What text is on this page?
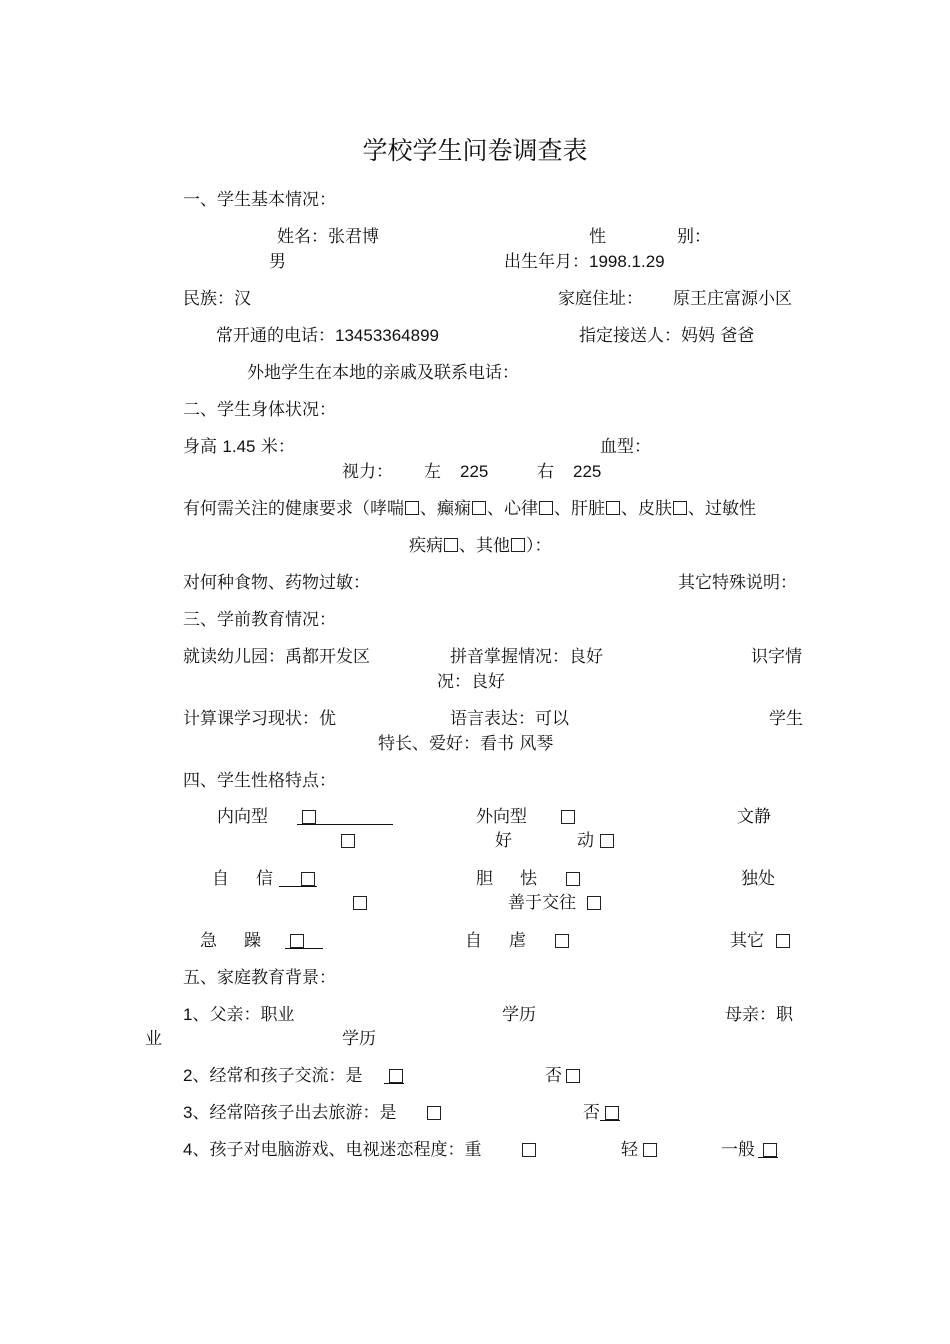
学校学生问卷调查表
一、学生基本情况：
姓名：张君博	性	别：
男	出生年月：1998.1.29
民族：汉	家庭住址： 原王庄富源小区
常开通的电话：13453364899	指定接送人：妈妈 爸爸
外地学生在本地的亲戚及联系电话：
二、学生身体状况：
身高 1.45 米：	血型：
视力： 左 225	右 225
有何需关注的健康要求（哮喘 、癫痫 、心律 、肝脏 、皮肤 、过敏性
疾病 、其他 ）：
对何种食物、药物过敏：	其它特殊说明：
三、学前教育情况：
就读幼儿园：禹都开发区	拼音掌握情况：良好	识字情
况：良好
计算课学习现状：优	语言表达：可以	学生
特长、爱好：看书 风琴
四、学生性格特点：
内向型	外向型	文静
好	动
自 信	胆 怯	独处
善于交往
急 躁	自 虐	其它
五、家庭教育背景：
1、父亲：职业	学历	母亲：职
业	学历
2、经常和孩子交流：是	否
3、经常陪孩子出去旅游：是	否
4、孩子对电脑游戏、电视迷恋程度：重	轻	一般
